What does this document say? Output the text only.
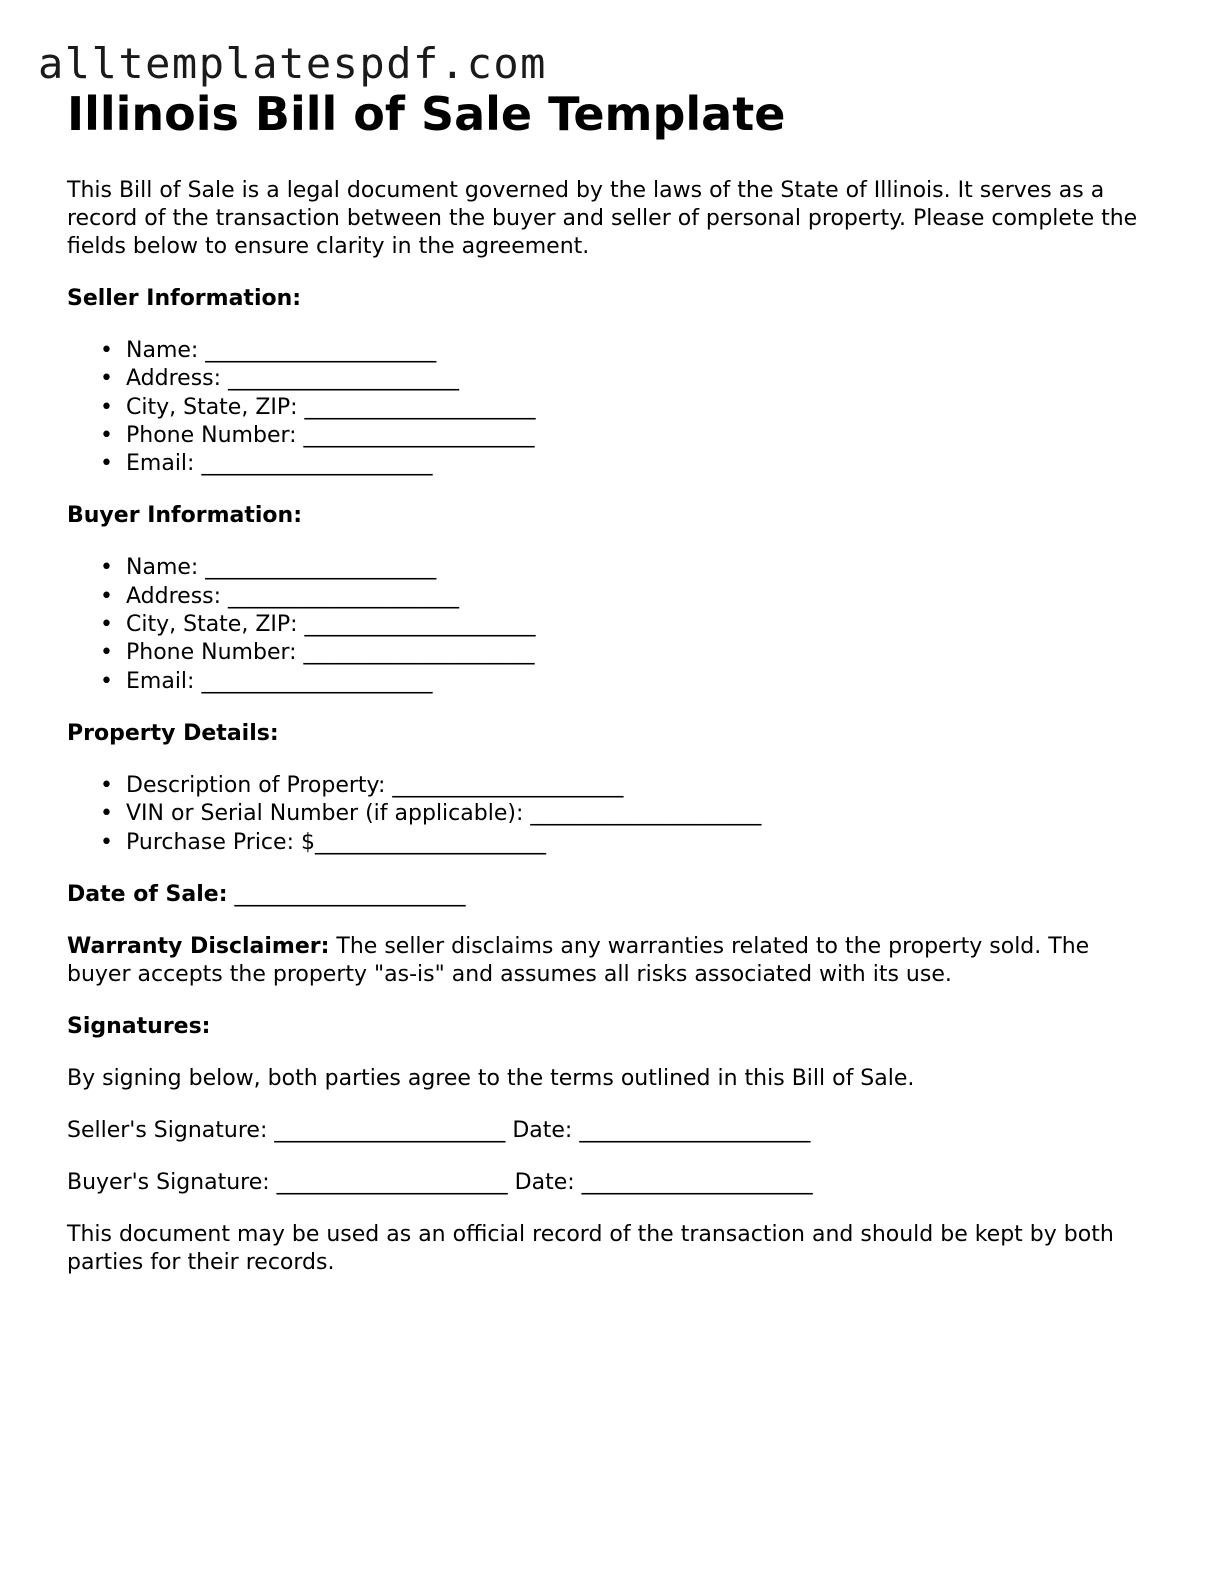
alltemplatespdf.com
Illinois Bill of Sale Template

This Bill of Sale is a legal document governed by the laws of the State of Illinois. It serves as a record of the transaction between the buyer and seller of personal property. Please complete the fields below to ensure clarity in the agreement.

Seller Information:

• Name: _____________________
• Address: _____________________
• City, State, ZIP: _____________________
• Phone Number: _____________________
• Email: _____________________

Buyer Information:

• Name: _____________________
• Address: _____________________
• City, State, ZIP: _____________________
• Phone Number: _____________________
• Email: _____________________

Property Details:

• Description of Property: _____________________
• VIN or Serial Number (if applicable): _____________________
• Purchase Price: $_____________________

Date of Sale: _____________________

Warranty Disclaimer: The seller disclaims any warranties related to the property sold. The buyer accepts the property "as-is" and assumes all risks associated with its use.

Signatures:

By signing below, both parties agree to the terms outlined in this Bill of Sale.

Seller's Signature: _____________________ Date: _____________________

Buyer's Signature: _____________________ Date: _____________________

This document may be used as an official record of the transaction and should be kept by both parties for their records.
